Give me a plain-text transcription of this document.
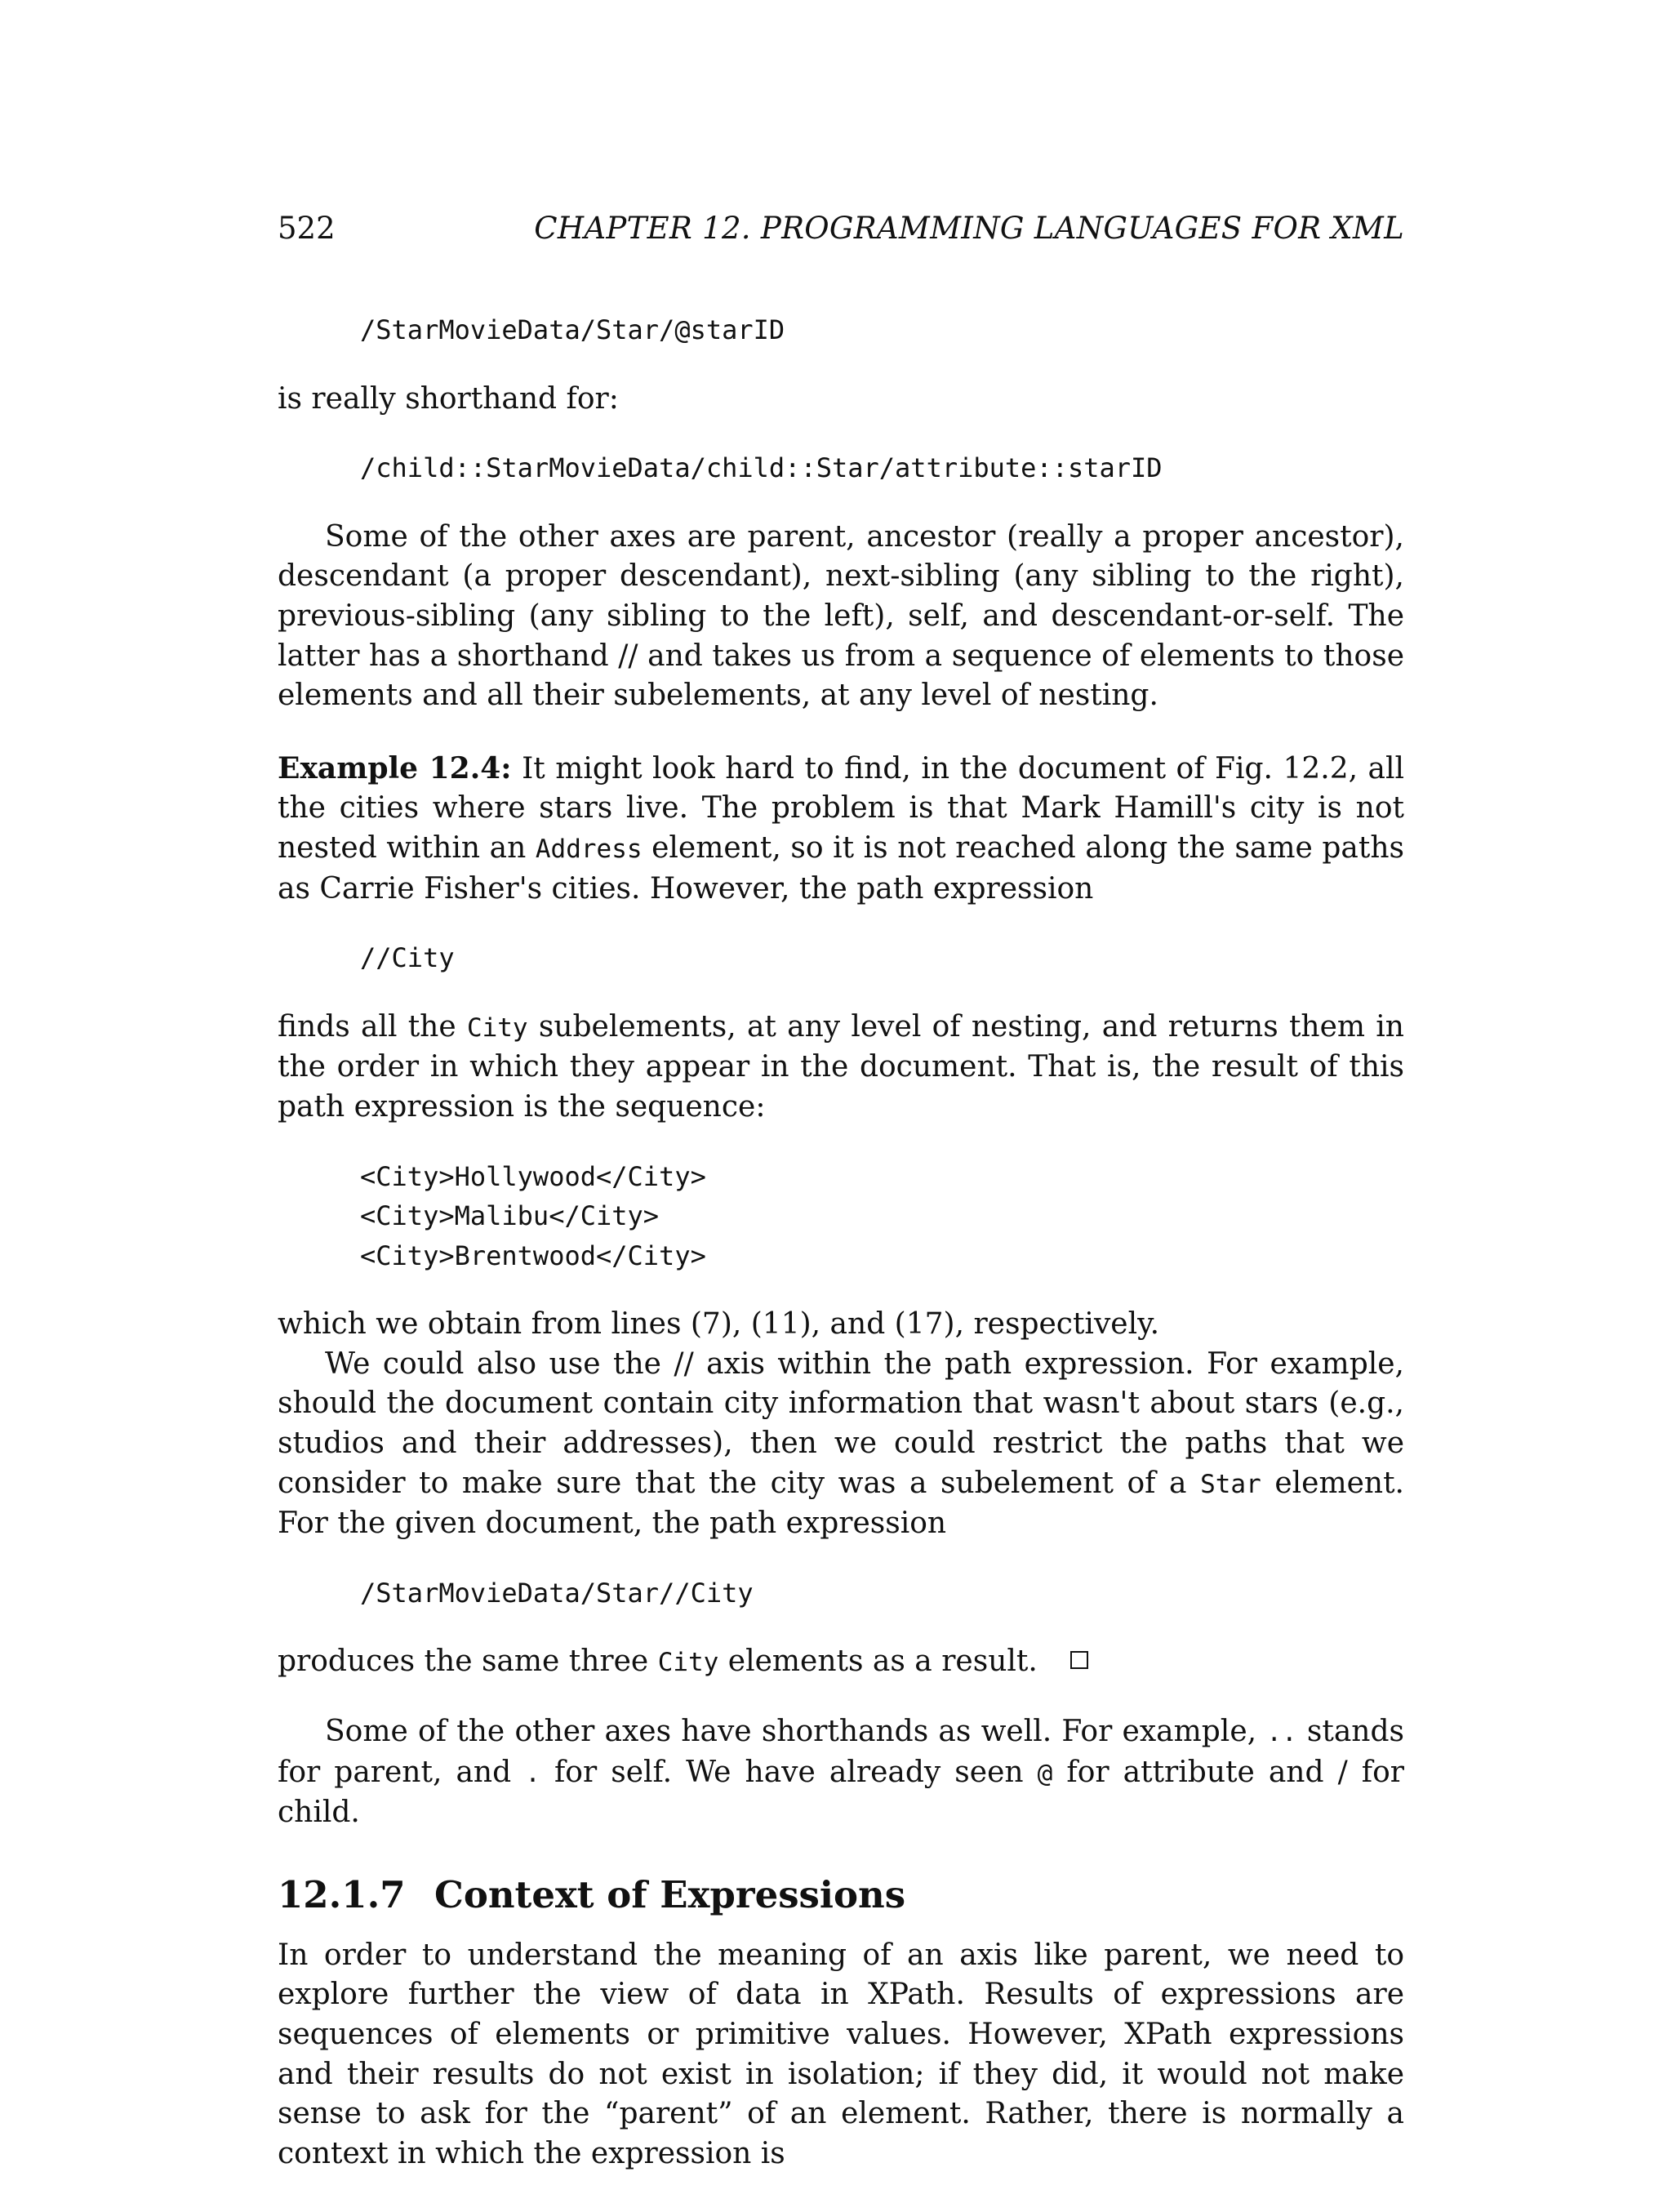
522	CHAPTER 12. PROGRAMMING LANGUAGES FOR XML
/StarMovieData/Star/@starID

is really shorthand for:

/child::StarMovieData/child::Star/attribute::starID

Some of the other axes are parent, ancestor (really a proper ancestor), descendant (a proper descendant), next-sibling (any sibling to the right), previous-sibling (any sibling to the left), self, and descendant-or-self. The latter has a shorthand // and takes us from a sequence of elements to those elements and all their subelements, at any level of nesting.

Example 12.4: It might look hard to find, in the document of Fig. 12.2, all the cities where stars live. The problem is that Mark Hamill's city is not nested within an Address element, so it is not reached along the same paths as Carrie Fisher's cities. However, the path expression

//City

finds all the City subelements, at any level of nesting, and returns them in the order in which they appear in the document. That is, the result of this path expression is the sequence:

<City>Hollywood</City>
<City>Malibu</City>
<City>Brentwood</City>

which we obtain from lines (7), (11), and (17), respectively.

We could also use the // axis within the path expression. For example, should the document contain city information that wasn't about stars (e.g., studios and their addresses), then we could restrict the paths that we consider to make sure that the city was a subelement of a Star element. For the given document, the path expression

/StarMovieData/Star//City

produces the same three City elements as a result.

Some of the other axes have shorthands as well. For example, .. stands for parent, and . for self. We have already seen @ for attribute and / for child.

12.1.7 Context of Expressions

In order to understand the meaning of an axis like parent, we need to explore further the view of data in XPath. Results of expressions are sequences of elements or primitive values. However, XPath expressions and their results do not exist in isolation; if they did, it would not make sense to ask for the “parent” of an element. Rather, there is normally a context in which the expression is
